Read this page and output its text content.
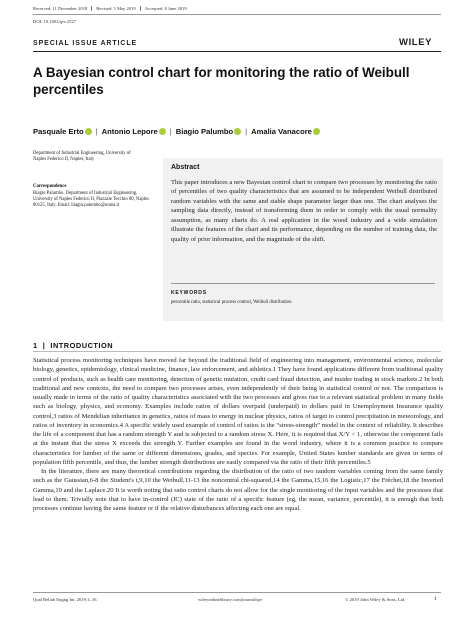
Received: 11 December 2018 Revised: 5 May 2019 Accepted: 8 June 2019
DOI: 10.1002/qre.2527
SPECIAL ISSUE ARTICLE	WILEY
A Bayesian control chart for monitoring the ratio of Weibull percentiles
Pasquale Erto | Antonio Lepore | Biagio Palumbo | Amalia Vanacore
Department of Industrial Engineering, University of Naples Federico II, Naples, Italy
Correspondence
Biagio Palumbo, Department of Industrial Engineering, University of Naples Federico II, Piazzale Tecchio 80, Naples 80125, Italy. Email: biagio.palumbo@unina.it
Abstract
This paper introduces a new Bayesian control chart to compare two processes by monitoring the ratio of percentiles of two quality characteristics that are assumed to be independent Weibull distributed random variables with the same and stable shape parameter larger than one. The chart analyses the sampling data directly, instead of transforming them in order to comply with the usual normality assumption, as many charts do. A real application in the wood industry and a wide simulation illustrate the features of the chart and its performance, depending on the number of training data, the quality of prior information, and the magnitude of the shift.
KEYWORDS
percentile ratio, statistical process control, Weibull distribution
1  |  INTRODUCTION

Statistical process monitoring techniques have moved far beyond the traditional field of engineering into management, environmental science, molecular biology, genetics, epidemiology, clinical medicine, finance, law enforcement, and athletics.1 They have found applications different from traditional quality control of products, such as health care monitoring, detection of genetic mutation, credit card fraud detection, and insider trading in stock markets.2 In both traditional and new contexts, the need to compare two processes arises, even independently of their being in statistical control or not. The comparison is usually made in terms of the ratio of quality characteristics associated with the two processes and gives rise to a relevant statistical problem in many fields such as biology, physics, and economy. Examples include ratios of dollars overpaid (underpaid) to dollars paid in Unemployment Insurance quality control,3 ratios of Mendelian inheritance in genetics, ratios of mass to energy in nuclear physics, ratios of target to control precipitation in meteorology, and ratios of inventory in economics.4 A specific widely used example of control of ratios is the “stress-strength” model in the context of reliability. It describes the life of a component that has a random strength Y and is subjected to a random stress X. Here, it is required that X/Y < 1, otherwise the component fails at the instant that the stress X exceeds the strength Y. Further examples are found in the wood industry, where it is a common practice to compare characteristics for lumber of the same or different dimensions, grades, and species. For example, United States lumber standards are given in terms of population fifth percentile, and thus, the lumber strength distributions are easily compared via the ratio of their fifth percentiles.5

In the literature, there are many theoretical contributions regarding the distribution of the ratio of two random variables coming from the same family such as the Gaussian,6-8 the Student's t,9,10 the Weibull,11-13 the noncentral chi-squared,14 the Gamma,15,16 the Logistic,17 the Fréchet,18 the Inverted Gamma,19 and the Laplace.20 It is worth noting that ratio control charts do not allow for the single monitoring of the input variables and the processes that lead to them. Trivially note that to have in-control (IC) state of the ratio of a specific feature (eg, the mean, variance, percentile), it is enough that both processes continue having the same feature or if the relative disturbances affecting each one are equal.

Qual Reliab Engng Int. 2019;1–16.	wileyonlinelibrary.com/journal/qre	© 2019 John Wiley & Sons, Ltd.	1
